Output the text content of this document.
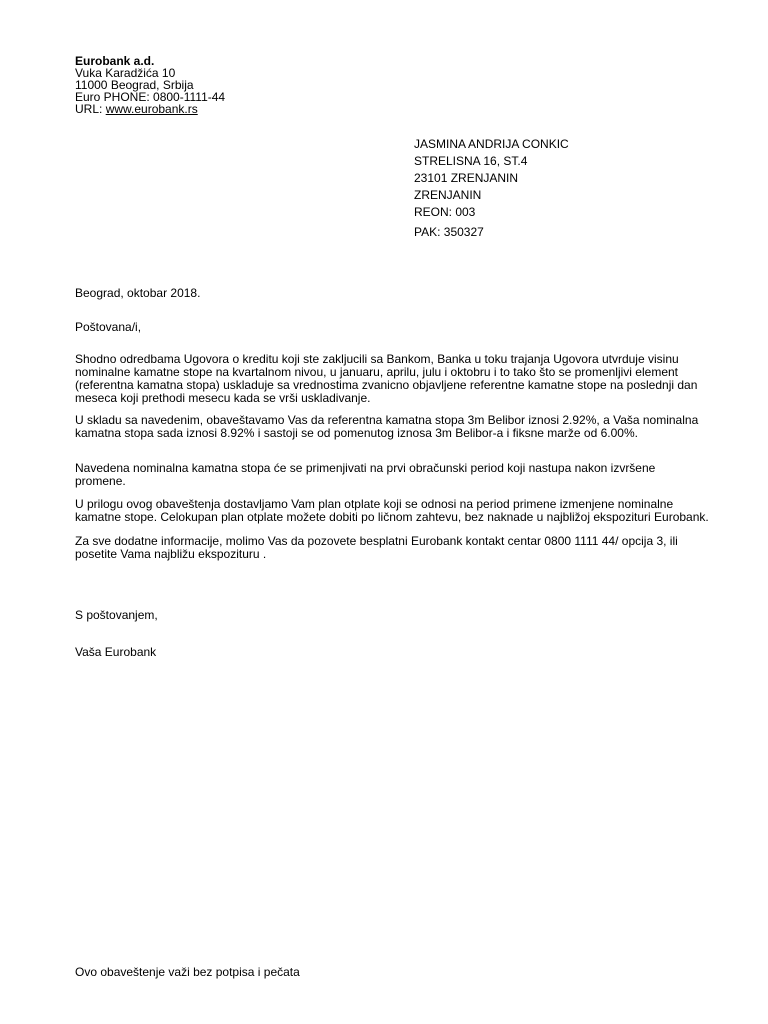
Eurobank a.d.
Vuka Karadžića 10
11000 Beograd, Srbija
Euro PHONE: 0800-1111-44
URL: www.eurobank.rs
JASMINA ANDRIJA CONKIC
STRELISNA 16, ST.4
23101 ZRENJANIN
ZRENJANIN
REON: 003
PAK: 350327
Beograd, oktobar 2018.
Poštovana/i,
Shodno odredbama Ugovora o kreditu koji ste zakljucili sa Bankom, Banka u toku trajanja Ugovora utvrduje visinu
nominalne kamatne stope na kvartalnom nivou, u januaru, aprilu, julu i oktobru i to tako što se promenljivi element
(referentna kamatna stopa) uskladuje sa vrednostima zvanicno objavljene referentne kamatne stope na poslednji dan
meseca koji prethodi mesecu kada se vrši uskladivanje.
U skladu sa navedenim, obaveštavamo Vas da referentna kamatna stopa 3m Belibor iznosi 2.92%, a Vaša nominalna
kamatna stopa sada iznosi 8.92% i sastoji se od pomenutog iznosa 3m Belibor-a i fiksne marže od 6.00%.
Navedena nominalna kamatna stopa će se primenjivati na prvi obračunski period koji nastupa nakon izvršene
promene.
U prilogu ovog obaveštenja dostavljamo Vam plan otplate koji se odnosi na period primene izmenjene nominalne
kamatne stope. Celokupan plan otplate možete dobiti po ličnom zahtevu, bez naknade u najbližoj ekspozituri Eurobank.
Za sve dodatne informacije, molimo Vas da pozovete besplatni Eurobank kontakt centar 0800 1111 44/ opcija 3, ili
posetite Vama najbližu ekspozituru .
S poštovanjem,
Vaša Eurobank
Ovo obaveštenje važi bez potpisa i pečata
